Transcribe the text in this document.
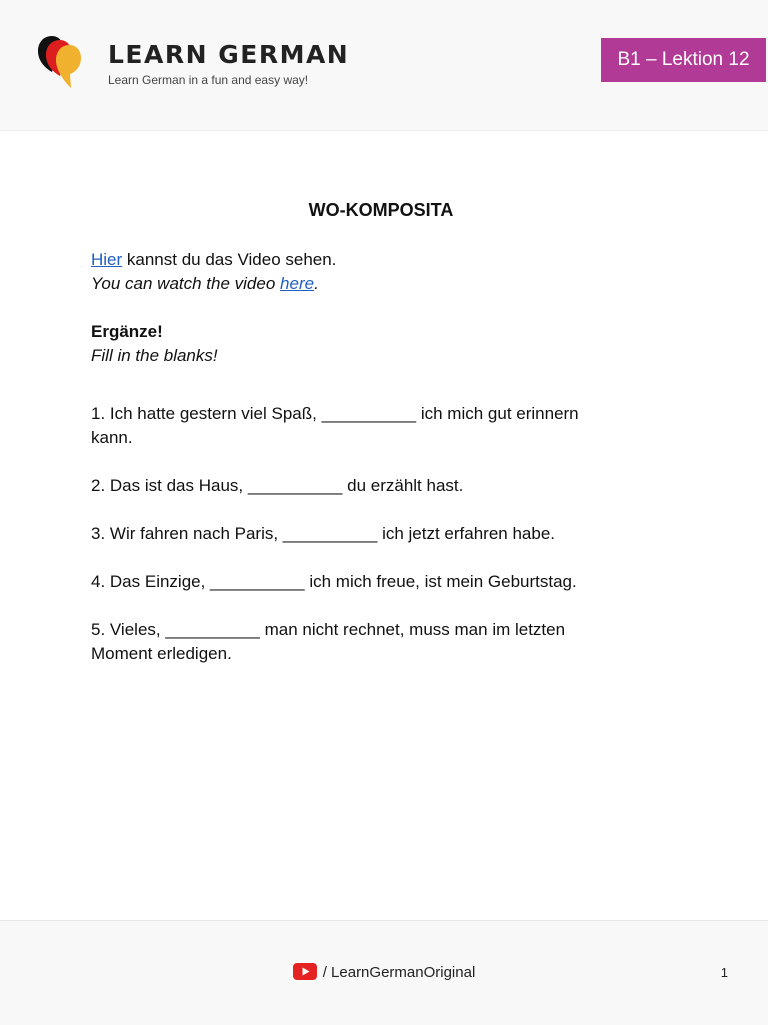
LEARN GERMAN
Learn German in a fun and easy way!
B1 – Lektion 12
WO-KOMPOSITA
Hier kannst du das Video sehen.
You can watch the video here.
Ergänze!
Fill in the blanks!
1. Ich hatte gestern viel Spaß, __________ ich mich gut erinnern
kann.
2. Das ist das Haus, __________ du erzählt hast.
3. Wir fahren nach Paris, __________ ich jetzt erfahren habe.
4. Das Einzige, __________ ich mich freue, ist mein Geburtstag.
5. Vieles, __________ man nicht rechnet, muss man im letzten
Moment erledigen.
/ LearnGermanOriginal	1
